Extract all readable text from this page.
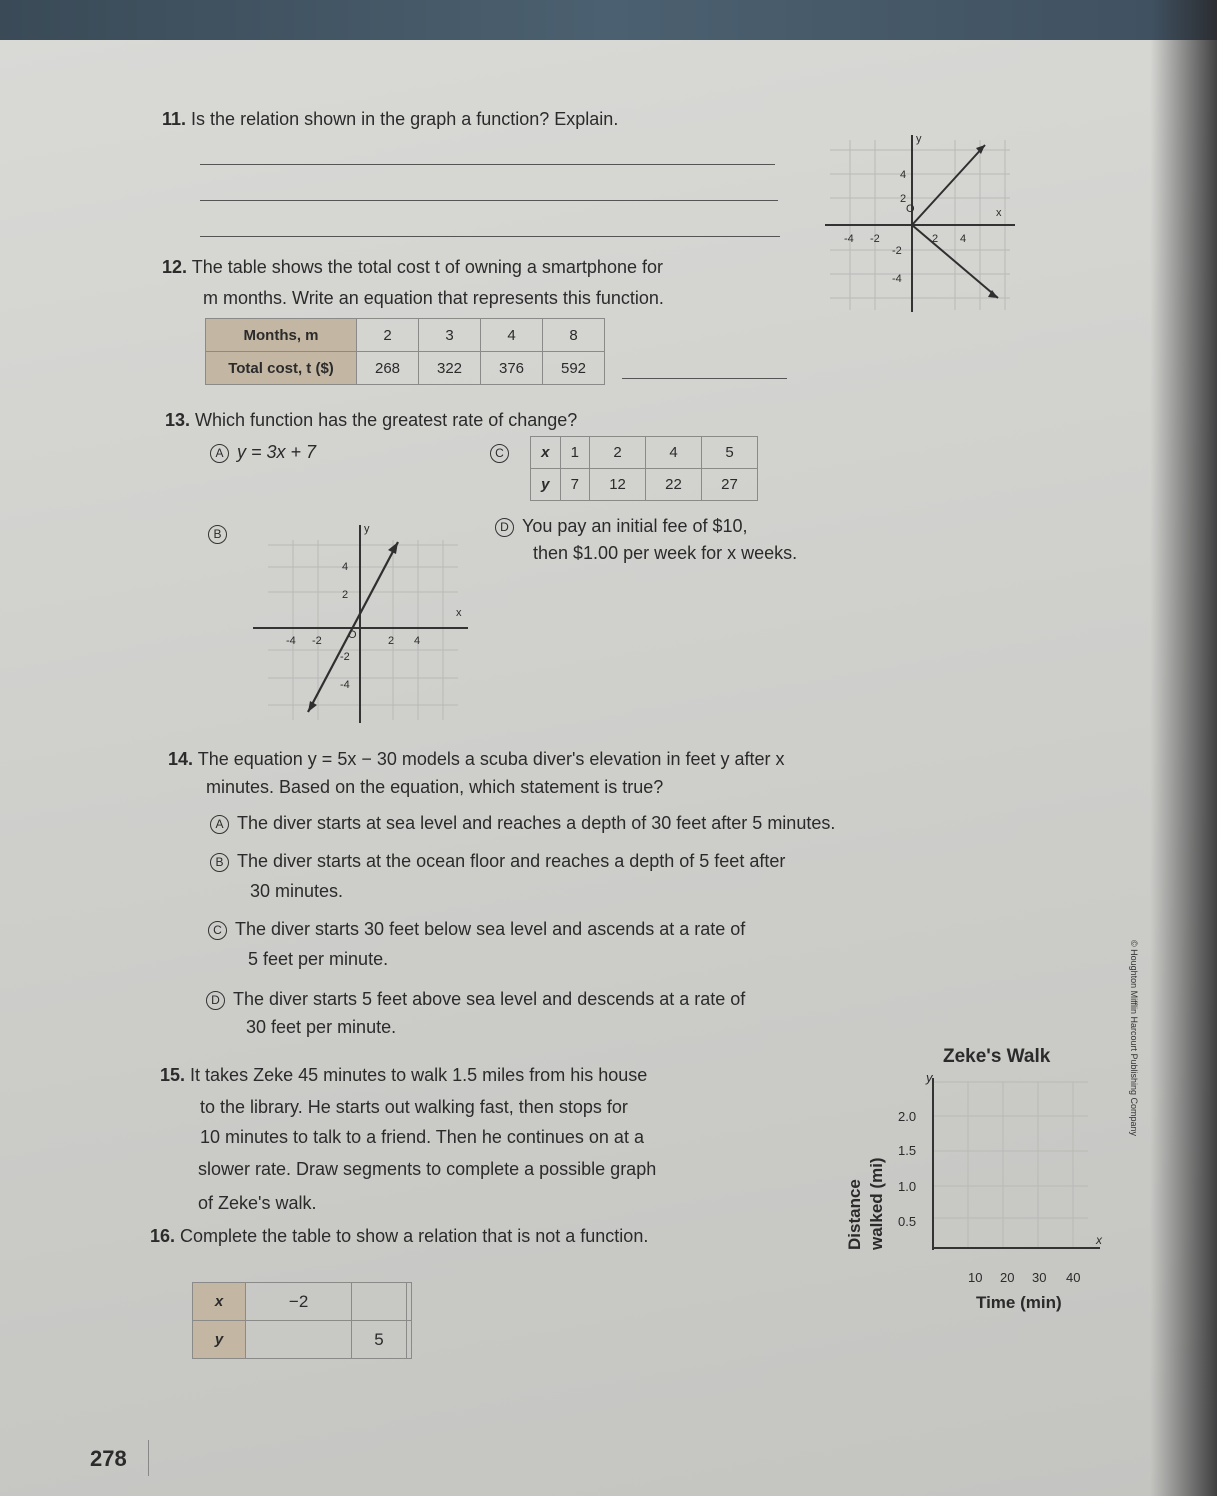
11. Is the relation shown in the graph a function? Explain.
y
x
4
2
-4 -2
O
2 4
-2
-4
12. The table shows the total cost t of owning a smartphone for
m months. Write an equation that represents this function.
Months, m	2	3	4	8
Total cost, t ($)	268	322	376	592
13. Which function has the greatest rate of change?
A y = 3x + 7	C	x	1	2	4	5
y	7	12	22	27
B	y
x
4
2
-4 -2 O	2 4
-2
-4
D You pay an initial fee of $10,
then $1.00 per week for x weeks.
14. The equation y = 5x − 30 models a scuba diver's elevation in feet y after x
minutes. Based on the equation, which statement is true?
A The diver starts at sea level and reaches a depth of 30 feet after 5 minutes.
B The diver starts at the ocean floor and reaches a depth of 5 feet after
30 minutes.
C The diver starts 30 feet below sea level and ascends at a rate of
5 feet per minute.
D The diver starts 5 feet above sea level and descends at a rate of
30 feet per minute.
15. It takes Zeke 45 minutes to walk 1.5 miles from his house
to the library. He starts out walking fast, then stops for
10 minutes to talk to a friend. Then he continues on at a
slower rate. Draw segments to complete a possible graph
of Zeke's walk.
Zeke's Walk
y
x
2.0
1.5
1.0
0.5
10 20 30 40
Time (min)
Distance walked (mi)
16. Complete the table to show a relation that is not a function.
x	−2		
y		5	
278
© Houghton Mifflin Harcourt Publishing Company
